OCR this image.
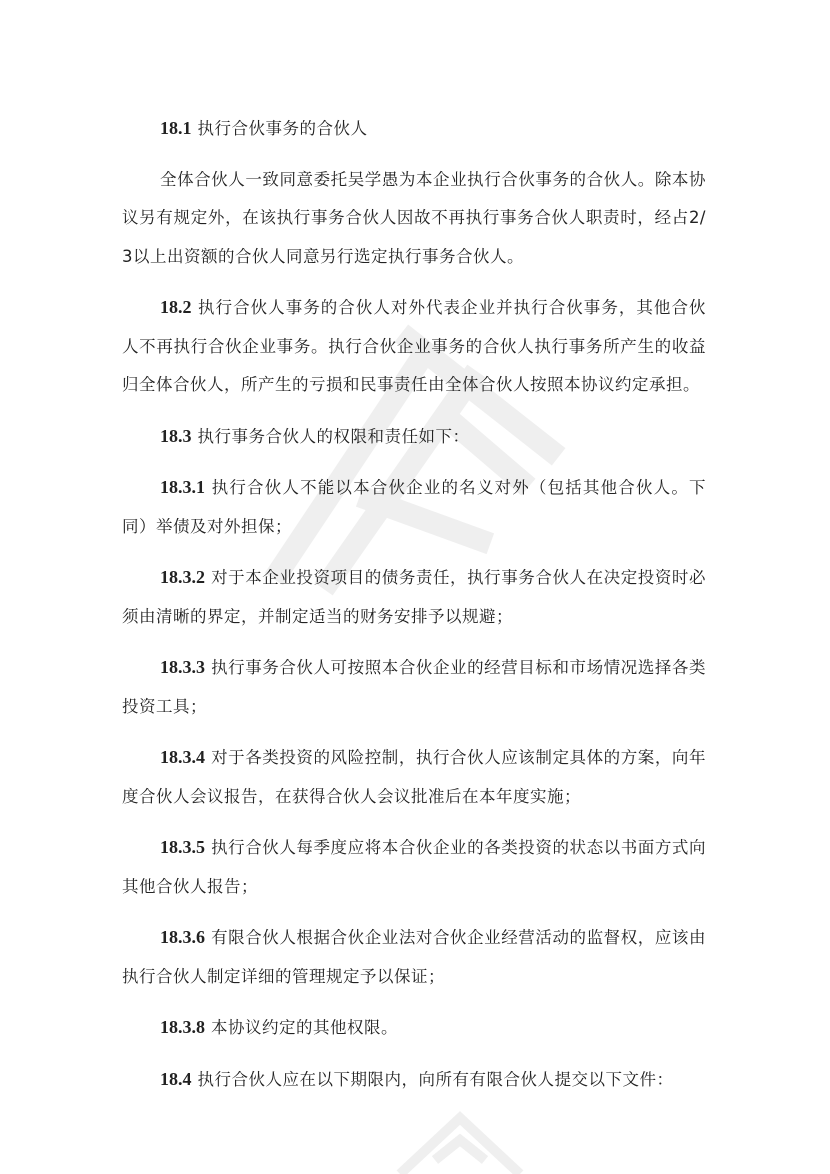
18.1 执行合伙事务的合伙人

全体合伙人一致同意委托吴学愚为本企业执行合伙事务的合伙人。除本协议另有规定外，在该执行事务合伙人因故不再执行事务合伙人职责时，经占2/3以上出资额的合伙人同意另行选定执行事务合伙人。

18.2 执行合伙人事务的合伙人对外代表企业并执行合伙事务，其他合伙人不再执行合伙企业事务。执行合伙企业事务的合伙人执行事务所产生的收益归全体合伙人，所产生的亏损和民事责任由全体合伙人按照本协议约定承担。

18.3 执行事务合伙人的权限和责任如下：

18.3.1 执行合伙人不能以本合伙企业的名义对外（包括其他合伙人。下同）举债及对外担保；

18.3.2 对于本企业投资项目的债务责任，执行事务合伙人在决定投资时必须由清晰的界定，并制定适当的财务安排予以规避；

18.3.3 执行事务合伙人可按照本合伙企业的经营目标和市场情况选择各类投资工具；

18.3.4 对于各类投资的风险控制，执行合伙人应该制定具体的方案，向年度合伙人会议报告，在获得合伙人会议批准后在本年度实施；

18.3.5 执行合伙人每季度应将本合伙企业的各类投资的状态以书面方式向其他合伙人报告；

18.3.6 有限合伙人根据合伙企业法对合伙企业经营活动的监督权，应该由执行合伙人制定详细的管理规定予以保证；

18.3.8 本协议约定的其他权限。

18.4 执行合伙人应在以下期限内，向所有有限合伙人提交以下文件：
